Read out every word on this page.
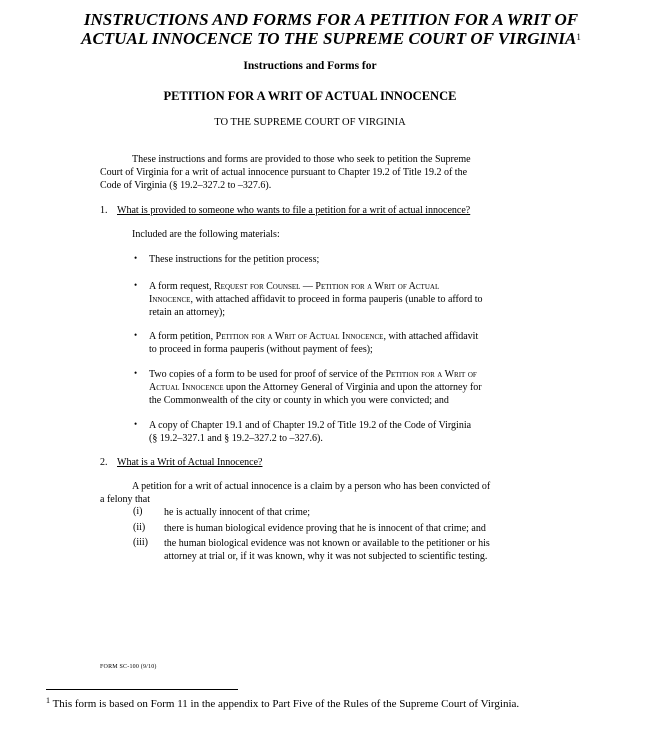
INSTRUCTIONS AND FORMS FOR A PETITION FOR A WRIT OF
ACTUAL INNOCENCE TO THE SUPREME COURT OF VIRGINIA$^1$
Instructions and Forms for
PETITION FOR A WRIT OF ACTUAL INNOCENCE
TO THE SUPREME COURT OF VIRGINIA
These instructions and forms are provided to those who seek to petition the Supreme
Court of Virginia for a writ of actual innocence pursuant to Chapter 19.2 of Title 19.2 of the
Code of Virginia (§ 19.2–327.2 to –327.6).
1. What is provided to someone who wants to file a petition for a writ of actual innocence?
Included are the following materials:
• These instructions for the petition process;
• A form request, Request for Counsel — Petition for a Writ of Actual
Innocence, with attached affidavit to proceed in forma pauperis (unable to afford to
retain an attorney);
• A form petition, Petition for a Writ of Actual Innocence, with attached affidavit
to proceed in forma pauperis (without payment of fees);
• Two copies of a form to be used for proof of service of the Petition for a Writ of
Actual Innocence upon the Attorney General of Virginia and upon the attorney for
the Commonwealth of the city or county in which you were convicted; and
• A copy of Chapter 19.1 and of Chapter 19.2 of Title 19.2 of the Code of Virginia
(§ 19.2–327.1 and § 19.2–327.2 to –327.6).
2. What is a Writ of Actual Innocence?
A petition for a writ of actual innocence is a claim by a person who has been convicted of
a felony that
(i) he is actually innocent of that crime;
(ii) there is human biological evidence proving that he is innocent of that crime; and
(iii) the human biological evidence was not known or available to the petitioner or his
attorney at trial or, if it was known, why it was not subjected to scientific testing.
FORM SC-100 (9/10)
$^1$ This form is based on Form 11 in the appendix to Part Five of the Rules of the Supreme Court of Virginia.
